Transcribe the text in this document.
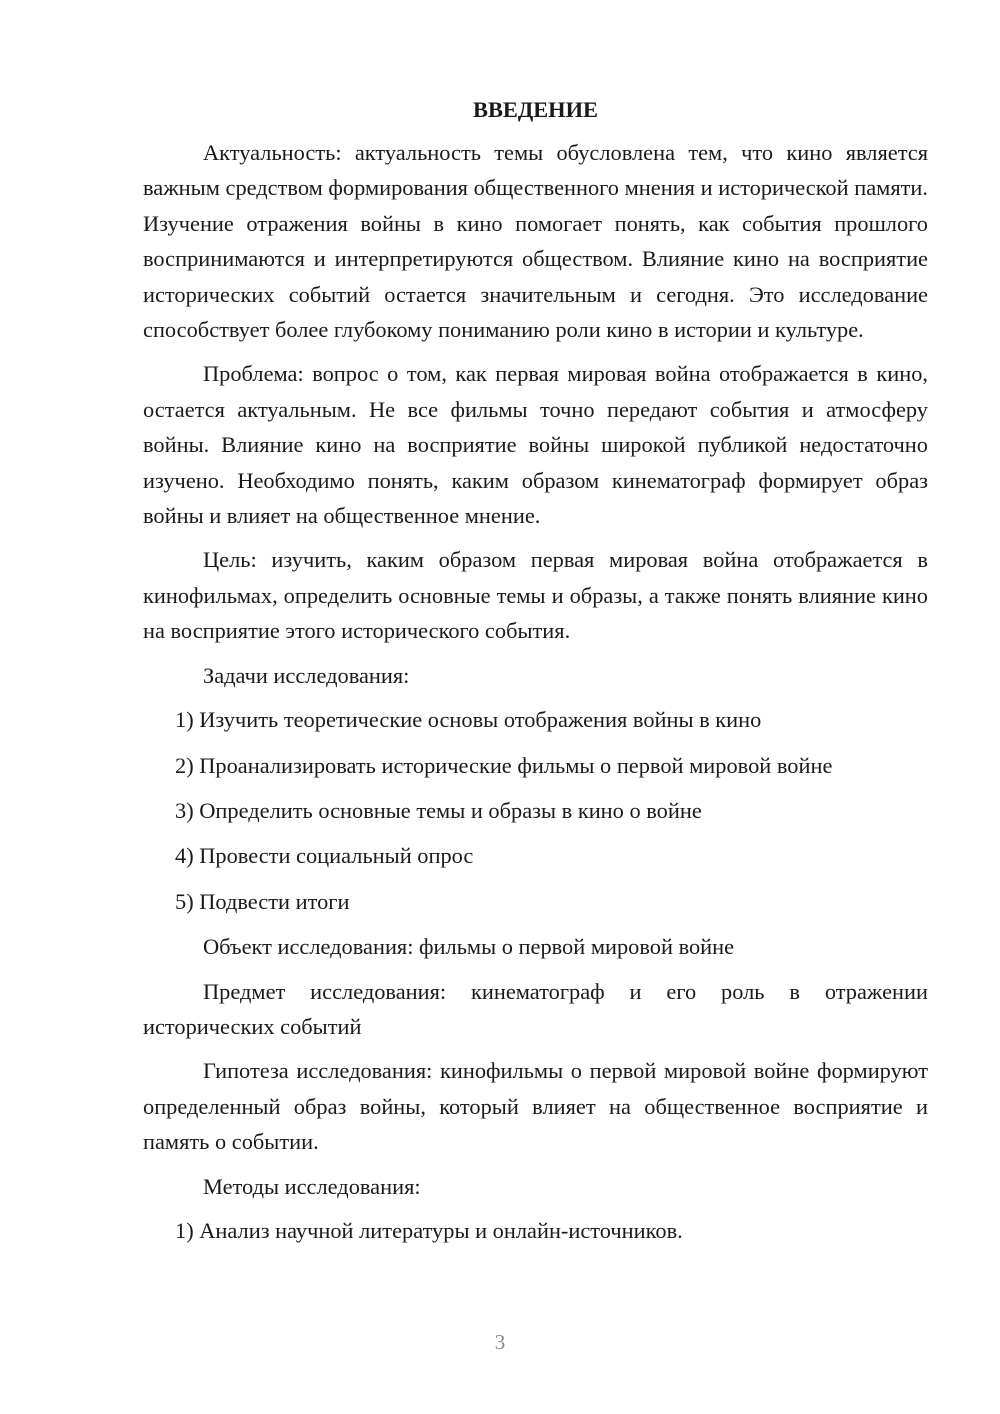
ВВЕДЕНИЕ

Актуальность: актуальность темы обусловлена тем, что кино является важным средством формирования общественного мнения и исторической памяти. Изучение отражения войны в кино помогает понять, как события прошлого воспринимаются и интерпретируются обществом. Влияние кино на восприятие исторических событий остается значительным и сегодня. Это исследование способствует более глубокому пониманию роли кино в истории и культуре.

Проблема: вопрос о том, как первая мировая война отображается в кино, остается актуальным. Не все фильмы точно передают события и атмосферу войны. Влияние кино на восприятие войны широкой публикой недостаточно изучено. Необходимо понять, каким образом кинематограф формирует образ войны и влияет на общественное мнение.

Цель: изучить, каким образом первая мировая война отображается в кинофильмах, определить основные темы и образы, а также понять влияние кино на восприятие этого исторического события.

Задачи исследования:

1) Изучить теоретические основы отображения войны в кино
2) Проанализировать исторические фильмы о первой мировой войне
3) Определить основные темы и образы в кино о войне
4) Провести социальный опрос
5) Подвести итоги

Объект исследования: фильмы о первой мировой войне

Предмет исследования: кинематограф и его роль в отражении исторических событий

Гипотеза исследования: кинофильмы о первой мировой войне формируют определенный образ войны, который влияет на общественное восприятие и память о событии.

Методы исследования:

1) Анализ научной литературы и онлайн-источников.
3
